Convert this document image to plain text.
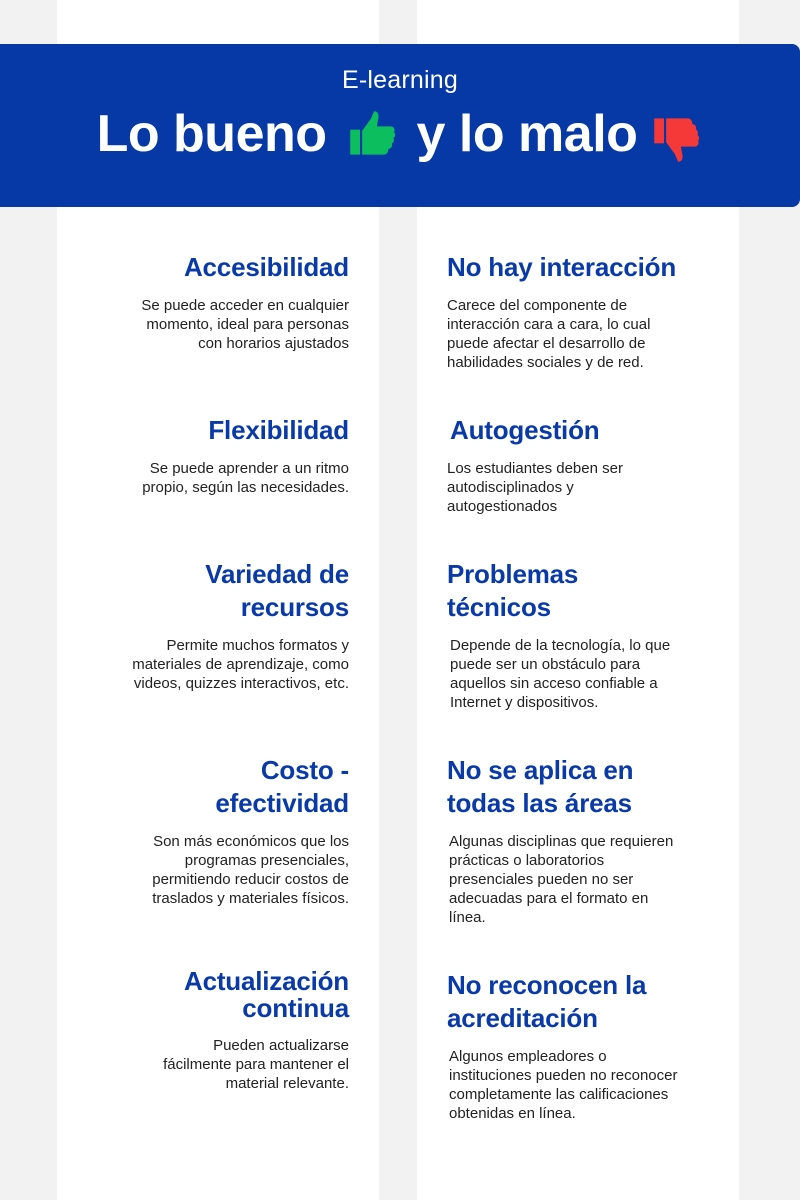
E-learning
Lo bueno y lo malo
Accesibilidad

Se puede acceder en cualquier momento, ideal para personas con horarios ajustados

Flexibilidad

Se puede aprender a un ritmo propio, según las necesidades.

Variedad de recursos

Permite muchos formatos y materiales de aprendizaje, como videos, quizzes interactivos, etc.

Costo - efectividad

Son más económicos que los programas presenciales, permitiendo reducir costos de traslados y materiales físicos.

Actualización continua

Pueden actualizarse fácilmente para mantener el material relevante.

No hay interacción

Carece del componente de interacción cara a cara, lo cual puede afectar el desarrollo de habilidades sociales y de red.

Autogestión

Los estudiantes deben ser autodisciplinados y autogestionados

Problemas técnicos

Depende de la tecnología, lo que puede ser un obstáculo para aquellos sin acceso confiable a Internet y dispositivos.

No se aplica en todas las áreas

Algunas disciplinas que requieren prácticas o laboratorios presenciales pueden no ser adecuadas para el formato en línea.

No reconocen la acreditación

Algunos empleadores o instituciones pueden no reconocer completamente las calificaciones obtenidas en línea.
